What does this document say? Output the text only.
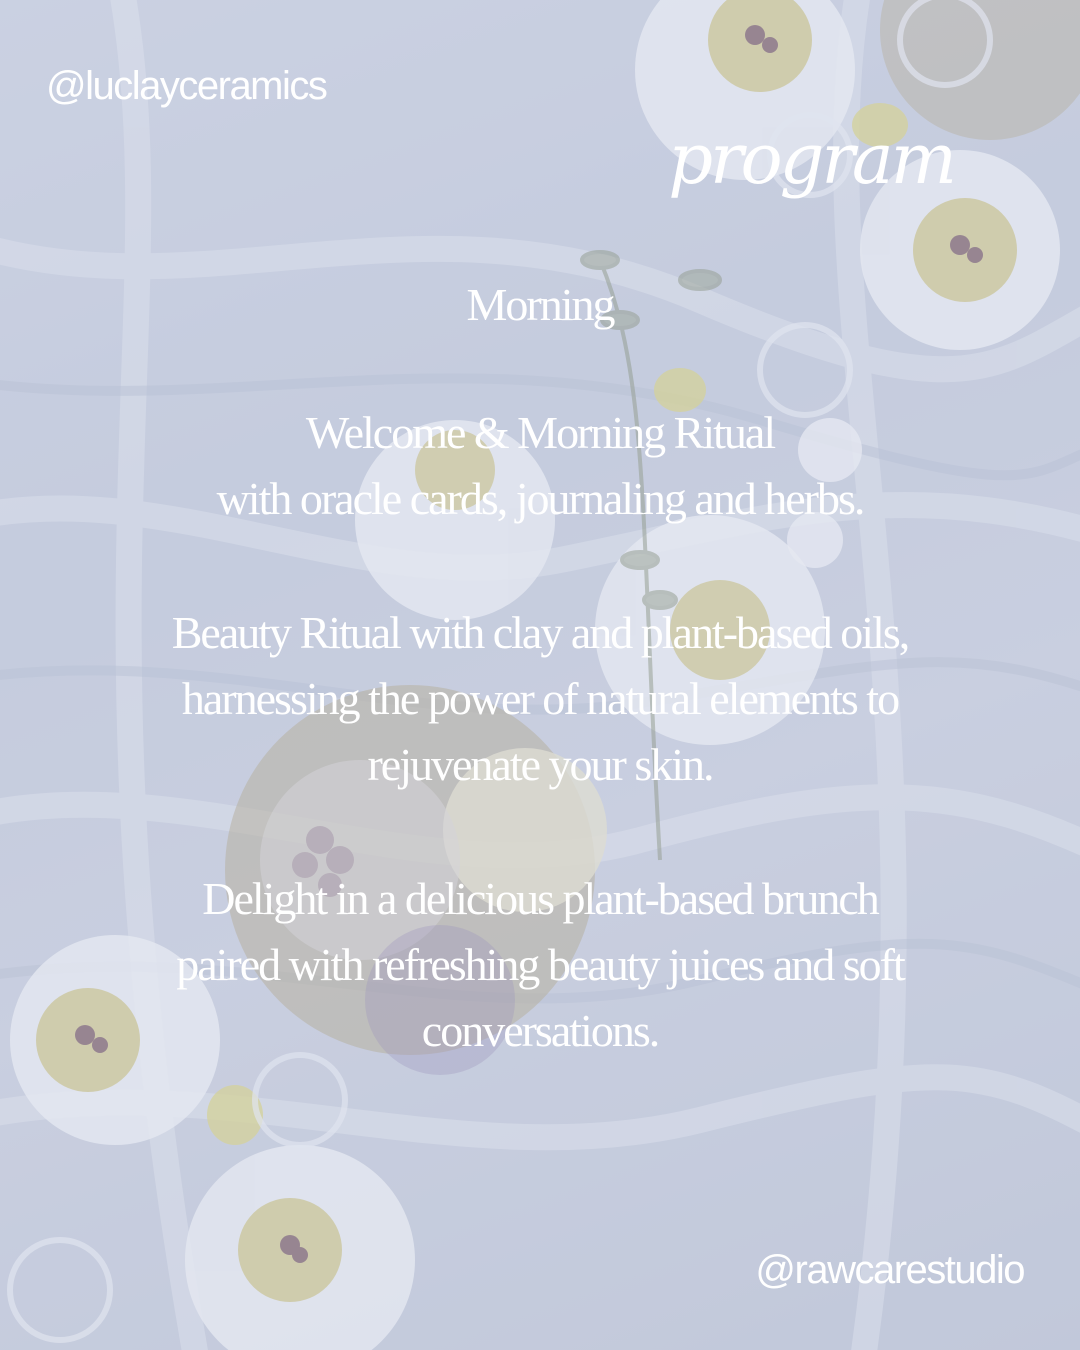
@luclayceramics
program
Morning
Welcome & Morning Ritual
with oracle cards, journaling and herbs.
Beauty Ritual with clay and plant-based oils,
harnessing the power of natural elements to
rejuvenate your skin.
Delight in a delicious plant-based brunch
paired with refreshing beauty juices and soft
conversations.
@rawcarestudio
